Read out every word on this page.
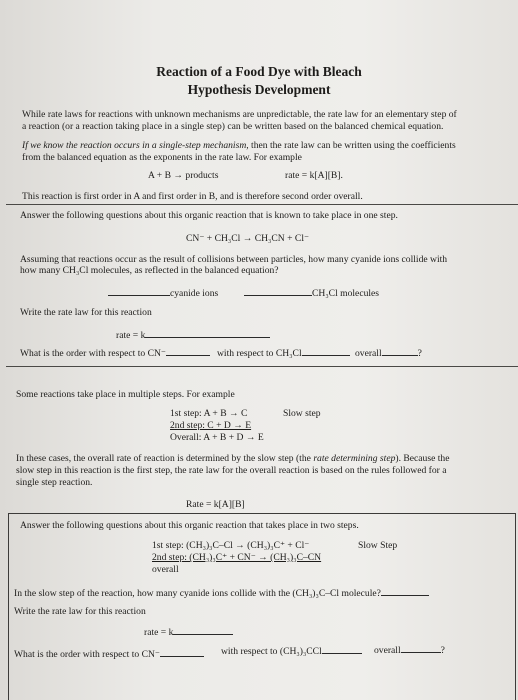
Reaction of a Food Dye with Bleach
Hypothesis Development
While rate laws for reactions with unknown mechanisms are unpredictable, the rate law for an elementary step of
a reaction (or a reaction taking place in a single step) can be written based on the balanced chemical equation.
If we know the reaction occurs in a single-step mechanism, then the rate law can be written using the coefficients
from the balanced equation as the exponents in the rate law. For example
A + B → products	rate = k[A][B].
This reaction is first order in A and first order in B, and is therefore second order overall.
Answer the following questions about this organic reaction that is known to take place in one step.
CN⁻ + CH₃Cl → CH₃CN + Cl⁻
Assuming that reactions occur as the result of collisions between particles, how many cyanide ions collide with
how many CH₃Cl molecules, as reflected in the balanced equation?
cyanide ions	CH₃Cl molecules
Write the rate law for this reaction
rate = k
What is the order with respect to CN⁻	with respect to CH₃Cl	overall	?
Some reactions take place in multiple steps. For example
1st step: A + B → C	Slow step
2nd step: C + D → E
Overall: A + B + D → E
In these cases, the overall rate of reaction is determined by the slow step (the rate determining step). Because the
slow step in this reaction is the first step, the rate law for the overall reaction is based on the rules followed for a
single step reaction.
Rate = k[A][B]
Answer the following questions about this organic reaction that takes place in two steps.
1st step: (CH₃)₃C–Cl → (CH₃)₃C⁺ + Cl⁻	Slow Step
2nd step: (CH₃)₃C⁺ + CN⁻ → (CH₃)₃C–CN
overall
In the slow step of the reaction, how many cyanide ions collide with the (CH₃)₃C–Cl molecule?
Write the rate law for this reaction
rate = k
What is the order with respect to CN⁻	with respect to (CH₃)₃CCl	overall	?
